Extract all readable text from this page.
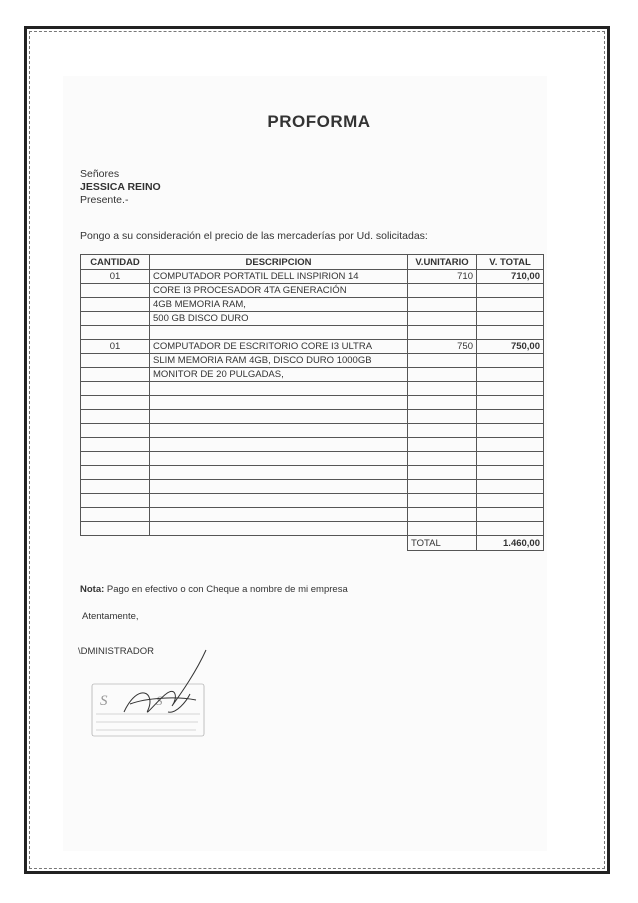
PROFORMA
Señores
JESSICA REINO
Presente.-
Pongo a su consideración el precio de las mercaderías por Ud. solicitadas:
CANTIDAD	DESCRIPCION	V.UNITARIO	V. TOTAL
01	COMPUTADOR PORTATIL DELL INSPIRION 14	710	710,00
	CORE I3 PROCESADOR 4TA GENERACIÓN		
	4GB MEMORIA RAM,		
	500 GB DISCO DURO		

01	COMPUTADOR DE ESCRITORIO CORE I3 ULTRA	750	750,00
	SLIM MEMORIA RAM 4GB, DISCO DURO 1000GB		
	MONITOR DE 20 PULGADAS,		

		TOTAL	1.460,00
Nota: Pago en efectivo o con Cheque a nombre de mi empresa
Atentamente,
\DMINISTRADOR
S	S
